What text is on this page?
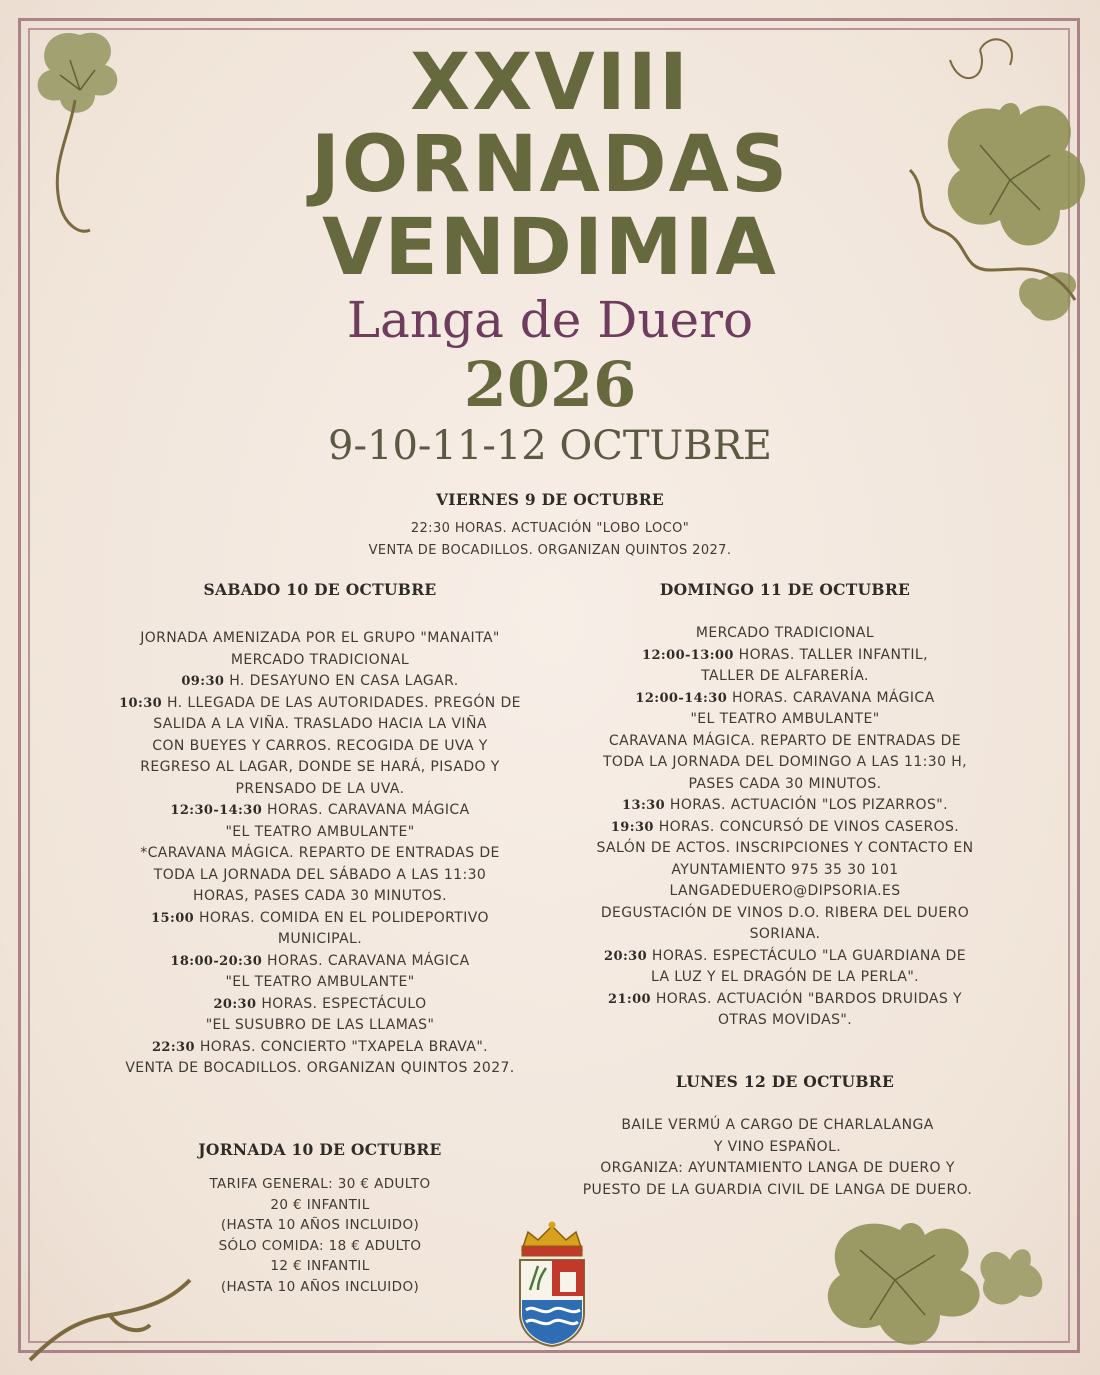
XXVIII
JORNADAS
VENDIMIA
Langa de Duero
2026
9-10-11-12 OCTUBRE
VIERNES 9 DE OCTUBRE
22:30 HORAS. ACTUACIÓN "LOBO LOCO"
VENTA DE BOCADILLOS. ORGANIZAN QUINTOS 2027.
SABADO 10 DE OCTUBRE
JORNADA AMENIZADA POR EL GRUPO "MANAITA"
MERCADO TRADICIONAL
09:30 H. DESAYUNO EN CASA LAGAR.
10:30 H. LLEGADA DE LAS AUTORIDADES. PREGÓN DE
SALIDA A LA VIÑA. TRASLADO HACIA LA VIÑA
CON BUEYES Y CARROS. RECOGIDA DE UVA Y
REGRESO AL LAGAR, DONDE SE HARÁ, PISADO Y
PRENSADO DE LA UVA.
12:30-14:30 HORAS. CARAVANA MÁGICA
"EL TEATRO AMBULANTE"
*CARAVANA MÁGICA. REPARTO DE ENTRADAS DE
TODA LA JORNADA DEL SÁBADO A LAS 11:30
HORAS, PASES CADA 30 MINUTOS.
15:00 HORAS. COMIDA EN EL POLIDEPORTIVO
MUNICIPAL.
18:00-20:30 HORAS. CARAVANA MÁGICA
"EL TEATRO AMBULANTE"
20:30 HORAS. ESPECTÁCULO
"EL SUSUBRO DE LAS LLAMAS"
22:30 HORAS. CONCIERTO "TXAPELA BRAVA".
VENTA DE BOCADILLOS. ORGANIZAN QUINTOS 2027.
JORNADA 10 DE OCTUBRE
TARIFA GENERAL: 30 € ADULTO
20 € INFANTIL
(HASTA 10 AÑOS INCLUIDO)
SÓLO COMIDA: 18 € ADULTO
12 € INFANTIL
(HASTA 10 AÑOS INCLUIDO)
DOMINGO 11 DE OCTUBRE
MERCADO TRADICIONAL
12:00-13:00 HORAS. TALLER INFANTIL,
TALLER DE ALFARERÍA.
12:00-14:30 HORAS. CARAVANA MÁGICA
"EL TEATRO AMBULANTE"
CARAVANA MÁGICA. REPARTO DE ENTRADAS DE
TODA LA JORNADA DEL DOMINGO A LAS 11:30 H,
PASES CADA 30 MINUTOS.
13:30 HORAS. ACTUACIÓN "LOS PIZARROS".
19:30 HORAS. CONCURSÓ DE VINOS CASEROS.
SALÓN DE ACTOS. INSCRIPCIONES Y CONTACTO EN
AYUNTAMIENTO 975 35 30 101
LANGADEDUERO@DIPSORIA.ES
DEGUSTACIÓN DE VINOS D.O. RIBERA DEL DUERO
SORIANA.
20:30 HORAS. ESPECTÁCULO "LA GUARDIANA DE
LA LUZ Y EL DRAGÓN DE LA PERLA".
21:00 HORAS. ACTUACIÓN "BARDOS DRUIDAS Y
OTRAS MOVIDAS".
LUNES 12 DE OCTUBRE
BAILE VERMÚ A CARGO DE CHARLALANGA
Y VINO ESPAÑOL.
ORGANIZA: AYUNTAMIENTO LANGA DE DUERO Y
PUESTO DE LA GUARDIA CIVIL DE LANGA DE DUERO.
